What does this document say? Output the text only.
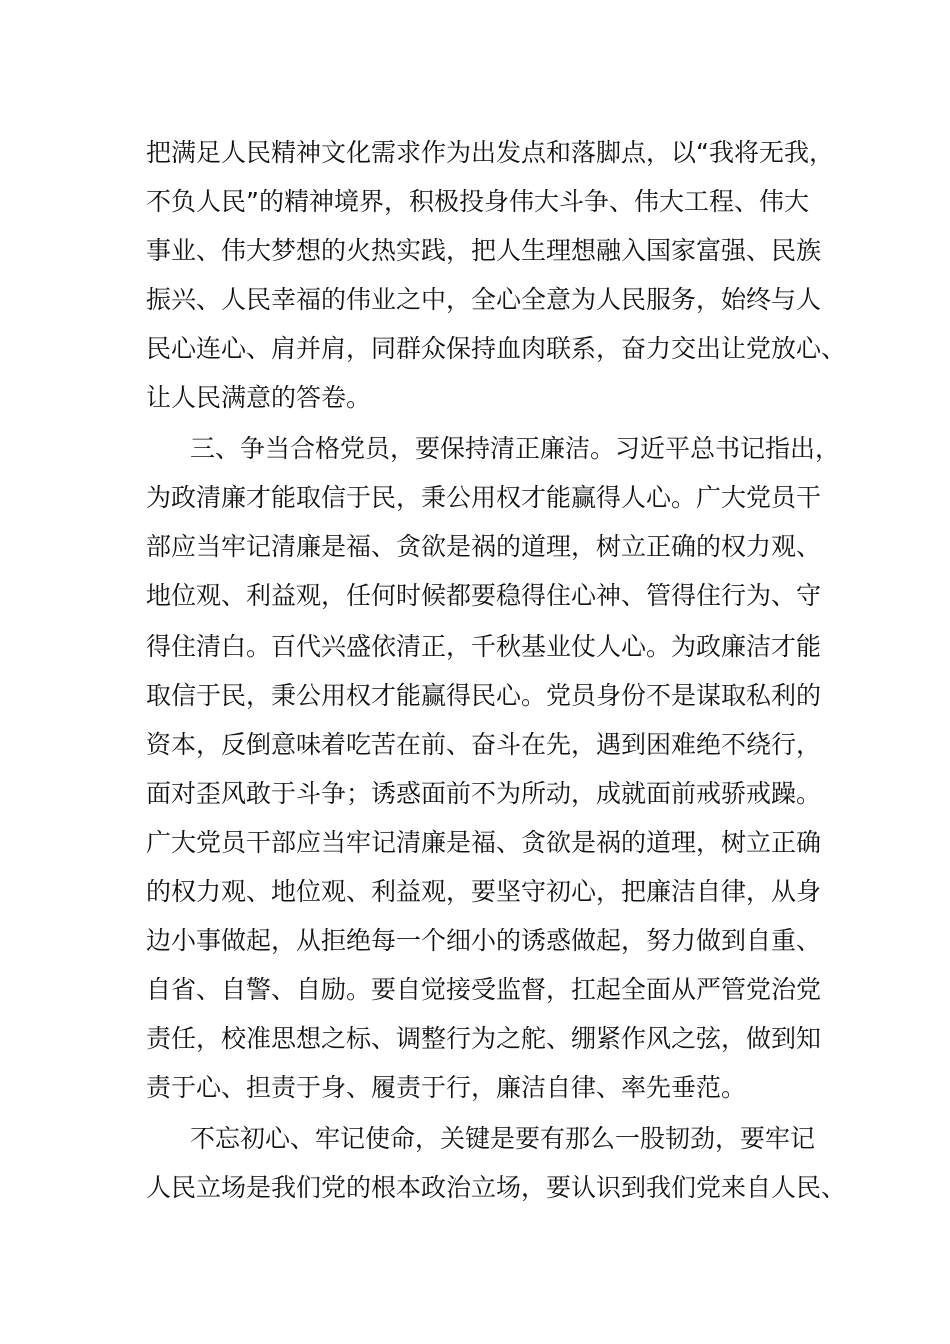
把满足人民精神文化需求作为出发点和落脚点，以“我将无我，

不负人民”的精神境界，积极投身伟大斗争、伟大工程、伟大

事业、伟大梦想的火热实践，把人生理想融入国家富强、民族

振兴、人民幸福的伟业之中，全心全意为人民服务，始终与人

民心连心、肩并肩，同群众保持血肉联系，奋力交出让党放心、

让人民满意的答卷。

三、争当合格党员，要保持清正廉洁。习近平总书记指出，

为政清廉才能取信于民，秉公用权才能赢得人心。广大党员干

部应当牢记清廉是福、贪欲是祸的道理，树立正确的权力观、

地位观、利益观，任何时候都要稳得住心神、管得住行为、守

得住清白。百代兴盛依清正，千秋基业仗人心。为政廉洁才能

取信于民，秉公用权才能赢得民心。党员身份不是谋取私利的

资本，反倒意味着吃苦在前、奋斗在先，遇到困难绝不绕行，

面对歪风敢于斗争；诱惑面前不为所动，成就面前戒骄戒躁。

广大党员干部应当牢记清廉是福、贪欲是祸的道理，树立正确

的权力观、地位观、利益观，要坚守初心，把廉洁自律，从身

边小事做起，从拒绝每一个细小的诱惑做起，努力做到自重、

自省、自警、自励。要自觉接受监督，扛起全面从严管党治党

责任，校准思想之标、调整行为之舵、绷紧作风之弦，做到知

责于心、担责于身、履责于行，廉洁自律、率先垂范。

不忘初心、牢记使命，关键是要有那么一股韧劲，要牢记

人民立场是我们党的根本政治立场，要认识到我们党来自人民、
